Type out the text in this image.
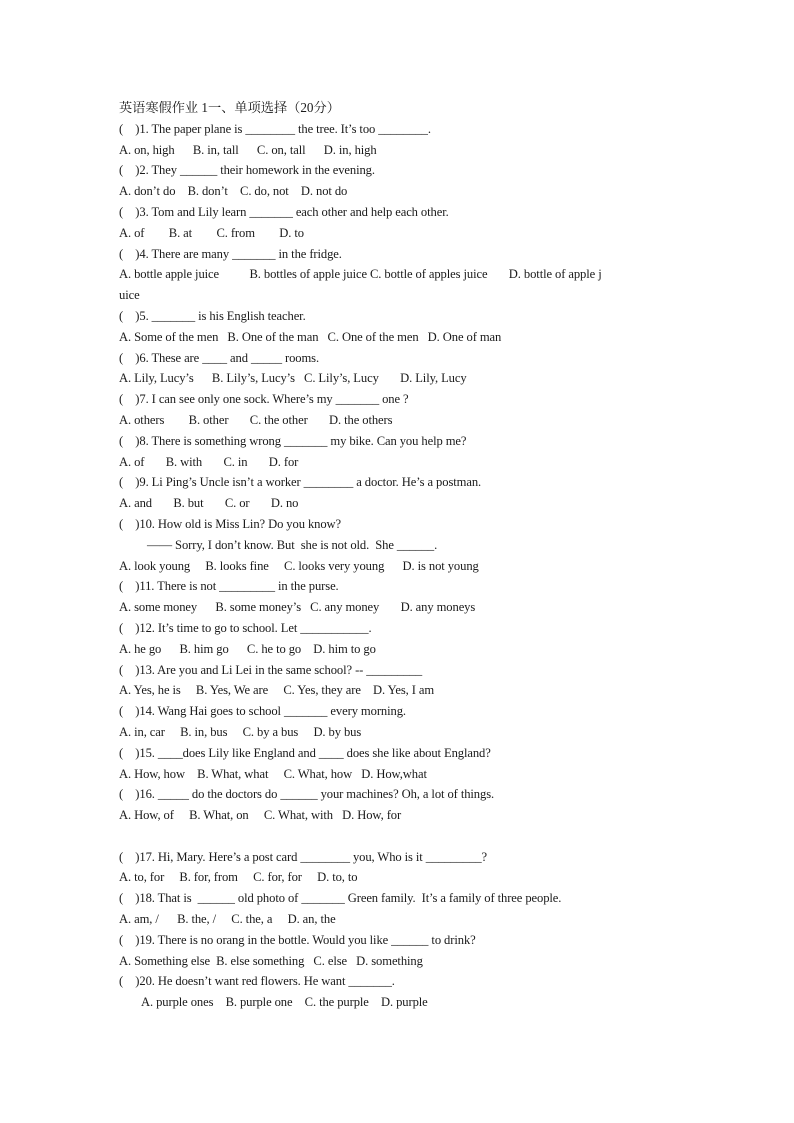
英语寒假作业 1一、单项选择（20分）
(    )1. The paper plane is ________ the tree. It’s too ________.
A. on, high      B. in, tall      C. on, tall      D. in, high
(    )2. They ______ their homework in the evening.
A. don’t do    B. don’t    C. do, not    D. not do
(    )3. Tom and Lily learn _______ each other and help each other.
A. of        B. at        C. from        D. to
(    )4. There are many _______ in the fridge.
A. bottle apple juice          B. bottles of apple juice C. bottle of apples juice       D. bottle of apple j
uice
(    )5. _______ is his English teacher.
A. Some of the men   B. One of the man   C. One of the men   D. One of man
(    )6. These are ____ and _____ rooms.
A. Lily, Lucy’s      B. Lily’s, Lucy’s   C. Lily’s, Lucy       D. Lily, Lucy
(    )7. I can see only one sock. Where’s my _______ one ?
A. others        B. other       C. the other       D. the others
(    )8. There is something wrong _______ my bike. Can you help me?
A. of       B. with       C. in       D. for
(    )9. Li Ping’s Uncle isn’t a worker ________ a doctor. He’s a postman.
A. and       B. but       C. or       D. no
(    )10. How old is Miss Lin? Do you know?
—— Sorry, I don’t know. But  she is not old.  She ______.
A. look young     B. looks fine     C. looks very young      D. is not young
(    )11. There is not _________ in the purse.
A. some money      B. some money’s   C. any money       D. any moneys
(    )12. It’s time to go to school. Let ___________.
A. he go      B. him go      C. he to go    D. him to go
(    )13. Are you and Li Lei in the same school? -- _________
A. Yes, he is     B. Yes, We are     C. Yes, they are    D. Yes, I am
(    )14. Wang Hai goes to school _______ every morning.
A. in, car     B. in, bus     C. by a bus     D. by bus
(    )15. ____does Lily like England and ____ does she like about England?
A. How, how    B. What, what     C. What, how   D. How,what
(    )16. _____ do the doctors do ______ your machines? Oh, a lot of things.
A. How, of     B. What, on     C. What, with   D. How, for
(    )17. Hi, Mary. Here’s a post card ________ you, Who is it _________?
A. to, for     B. for, from     C. for, for     D. to, to
(    )18. That is  ______ old photo of _______ Green family.  It’s a family of three people.
A. am, /      B. the, /     C. the, a     D. an, the
(    )19. There is no orang in the bottle. Would you like ______ to drink?
A. Something else  B. else something   C. else   D. something
(    )20. He doesn’t want red flowers. He want _______.
A. purple ones    B. purple one    C. the purple    D. purple
